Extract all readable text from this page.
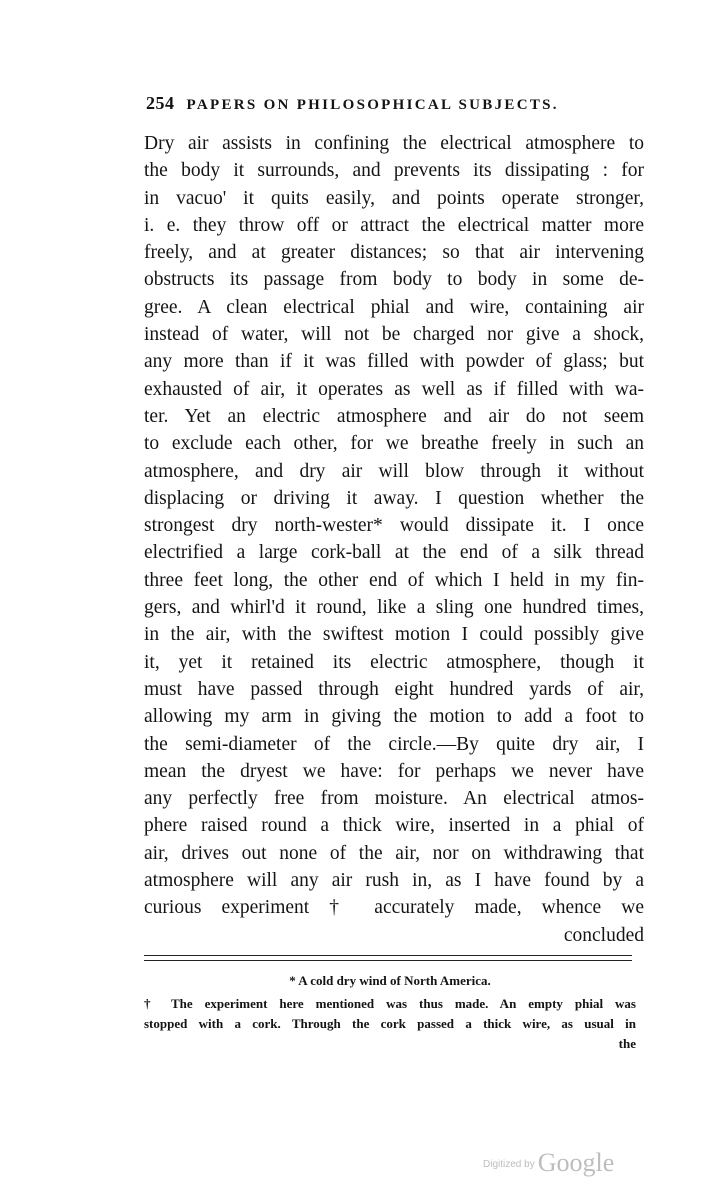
254 PAPERS ON PHILOSOPHICAL SUBJECTS.
Dry air assists in confining the electrical atmosphere to
the body it surrounds, and prevents its dissipating : for
in vacuo' it quits easily, and points operate stronger,
i. e. they throw off or attract the electrical matter more
freely, and at greater distances; so that air intervening
obstructs its passage from body to body in some de-
gree. A clean electrical phial and wire, containing air
instead of water, will not be charged nor give a shock,
any more than if it was filled with powder of glass; but
exhausted of air, it operates as well as if filled with wa-
ter. Yet an electric atmosphere and air do not seem
to exclude each other, for we breathe freely in such an
atmosphere, and dry air will blow through it without
displacing or driving it away. I question whether the
strongest dry north-wester* would dissipate it. I once
electrified a large cork-ball at the end of a silk thread
three feet long, the other end of which I held in my fin-
gers, and whirl'd it round, like a sling one hundred times,
in the air, with the swiftest motion I could possibly give
it, yet it retained its electric atmosphere, though it
must have passed through eight hundred yards of air,
allowing my arm in giving the motion to add a foot to
the semi-diameter of the circle.—By quite dry air, I
mean the dryest we have: for perhaps we never have
any perfectly free from moisture. An electrical atmos-
phere raised round a thick wire, inserted in a phial of
air, drives out none of the air, nor on withdrawing that
atmosphere will any air rush in, as I have found by a
curious experiment † accurately made, whence we
concluded
* A cold dry wind of North America.
† The experiment here mentioned was thus made. An empty phial was
stopped with a cork. Through the cork passed a thick wire, as usual in
the
$^{Digitized by}$ Google
